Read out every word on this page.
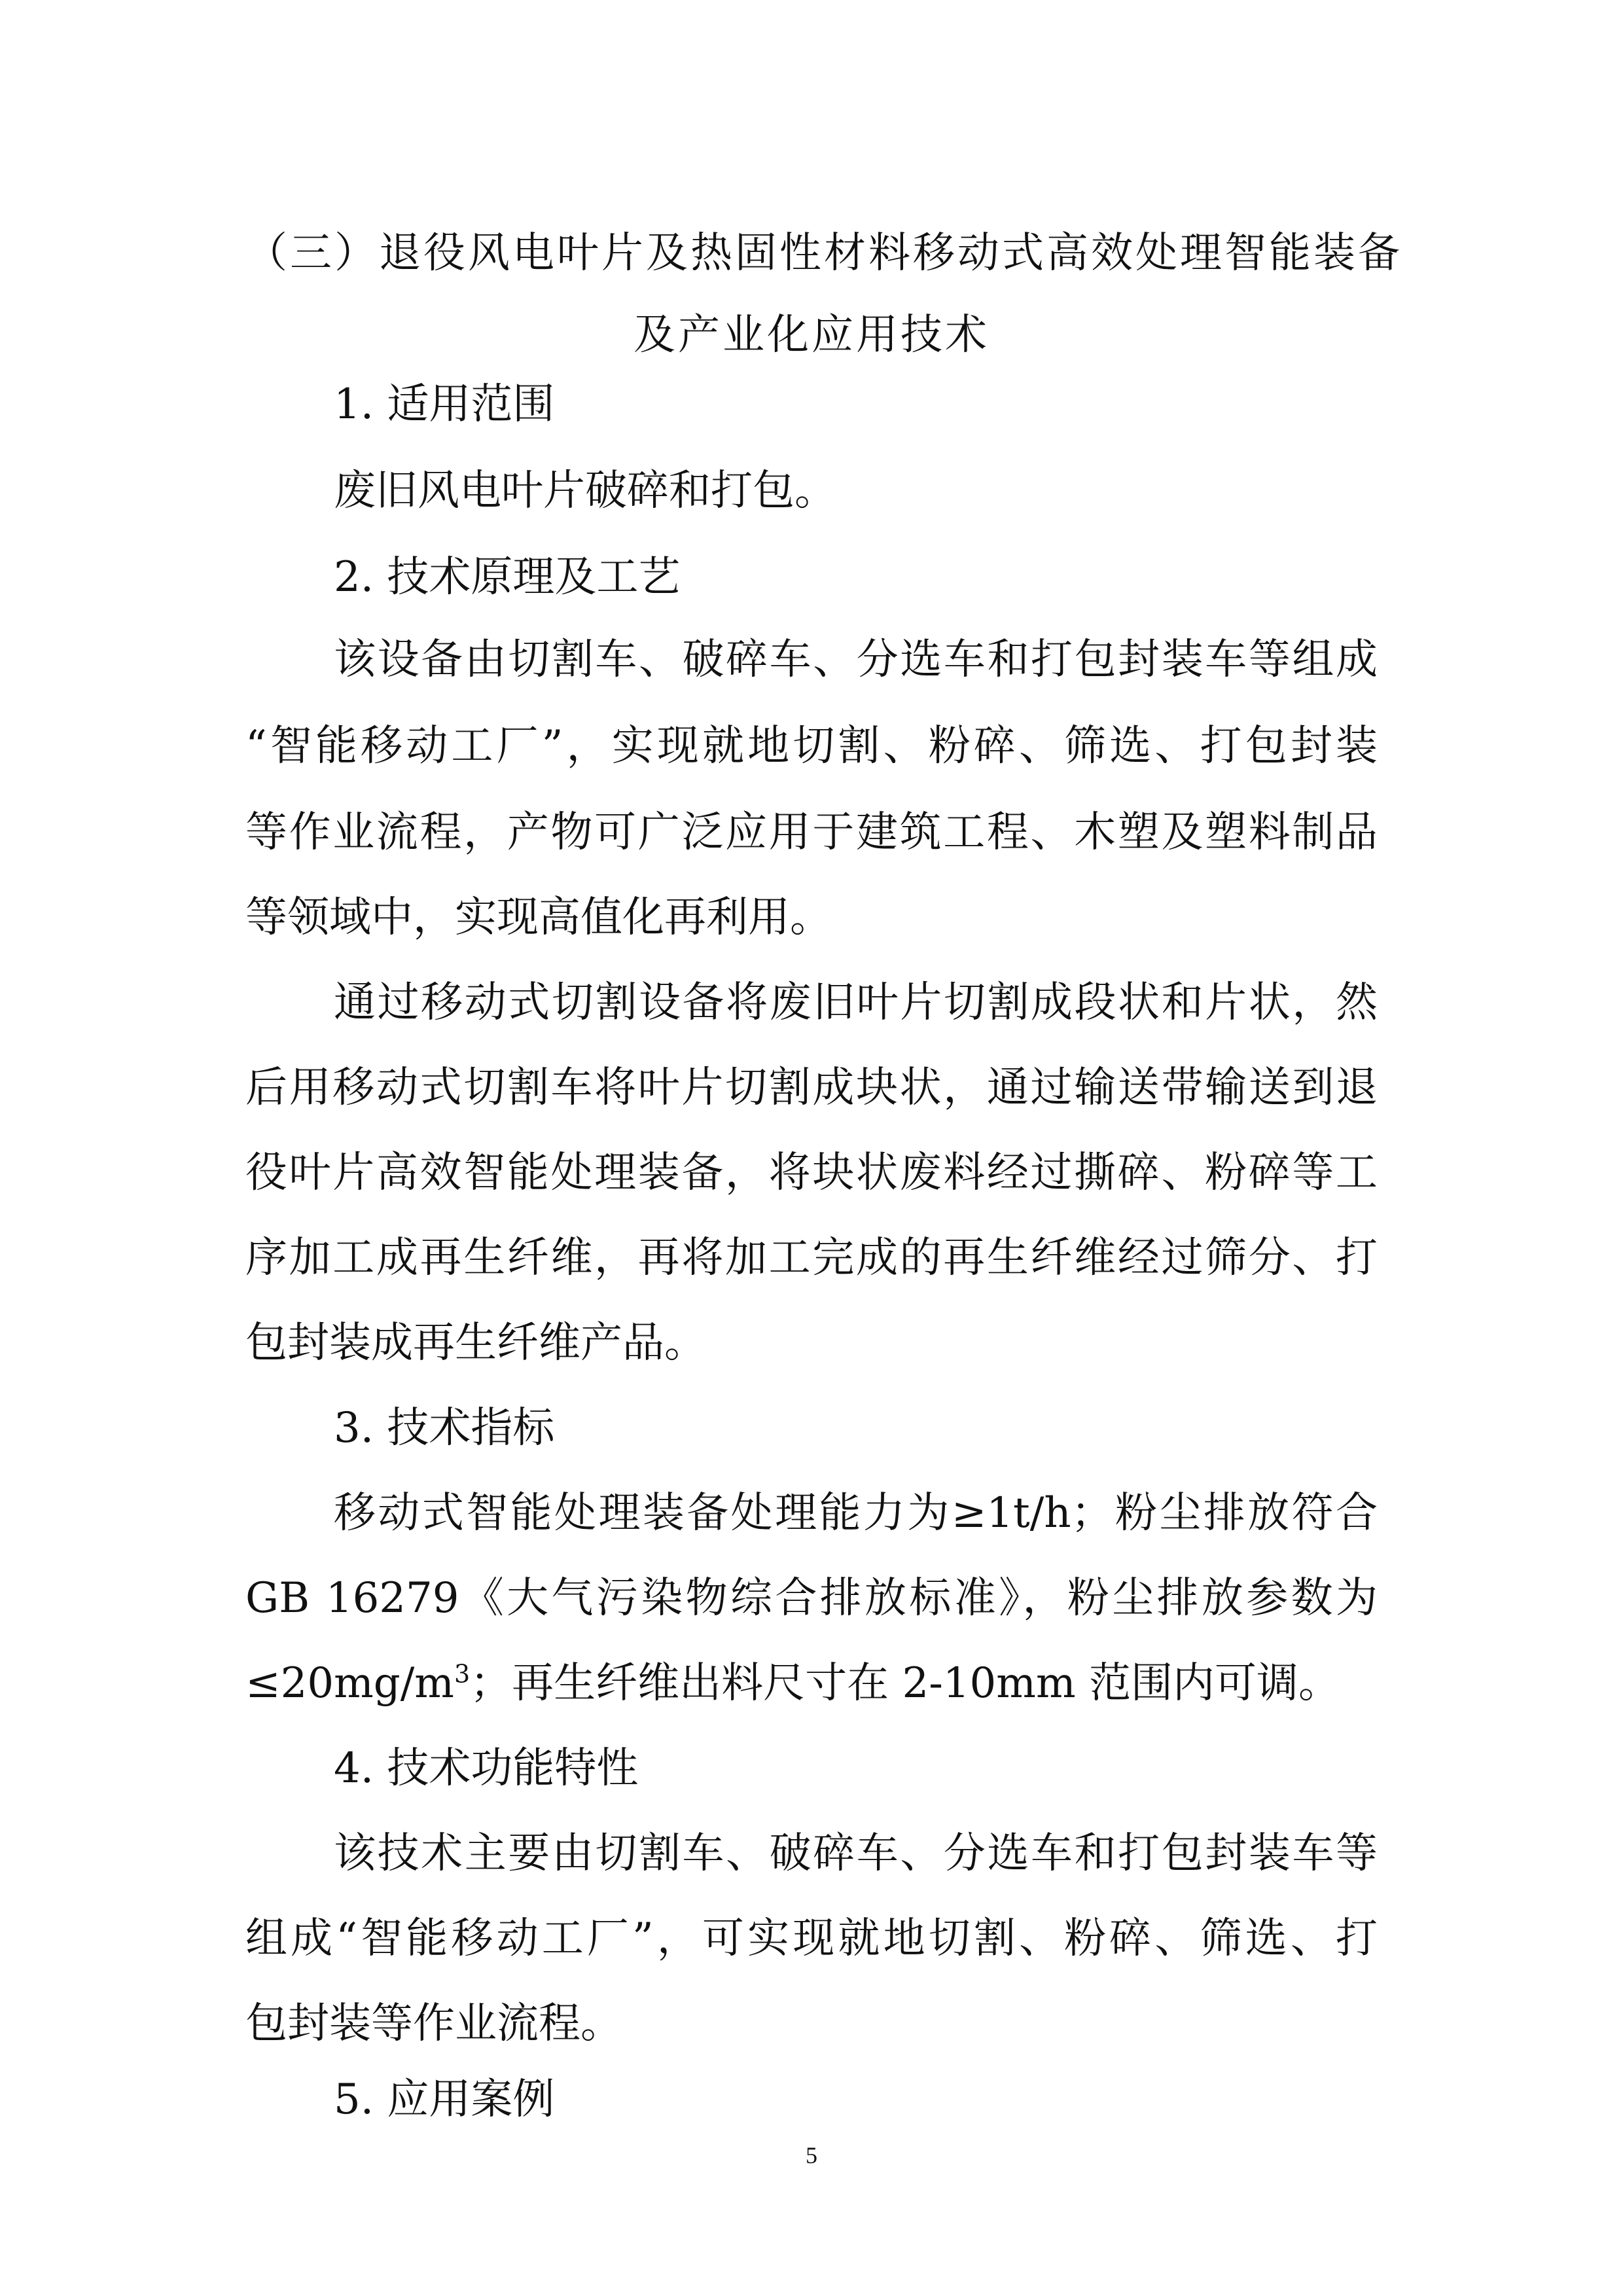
（三）退役风电叶片及热固性材料移动式高效处理智能装备
及产业化应用技术

1. 适用范围

废旧风电叶片破碎和打包。

2. 技术原理及工艺

该设备由切割车、破碎车、分选车和打包封装车等组成

“智能移动工厂”，实现就地切割、粉碎、筛选、打包封装

等作业流程，产物可广泛应用于建筑工程、木塑及塑料制品

等领域中，实现高值化再利用。

通过移动式切割设备将废旧叶片切割成段状和片状，然

后用移动式切割车将叶片切割成块状，通过输送带输送到退

役叶片高效智能处理装备，将块状废料经过撕碎、粉碎等工

序加工成再生纤维，再将加工完成的再生纤维经过筛分、打

包封装成再生纤维产品。

3. 技术指标

移动式智能处理装备处理能力为≥1t/h；粉尘排放符合

GB 16279《大气污染物综合排放标准》，粉尘排放参数为

$\le 20mg/m^3$；再生纤维出料尺寸在 2-10mm 范围内可调。

4. 技术功能特性

该技术主要由切割车、破碎车、分选车和打包封装车等

组成“智能移动工厂”，可实现就地切割、粉碎、筛选、打

包封装等作业流程。

5. 应用案例

5
